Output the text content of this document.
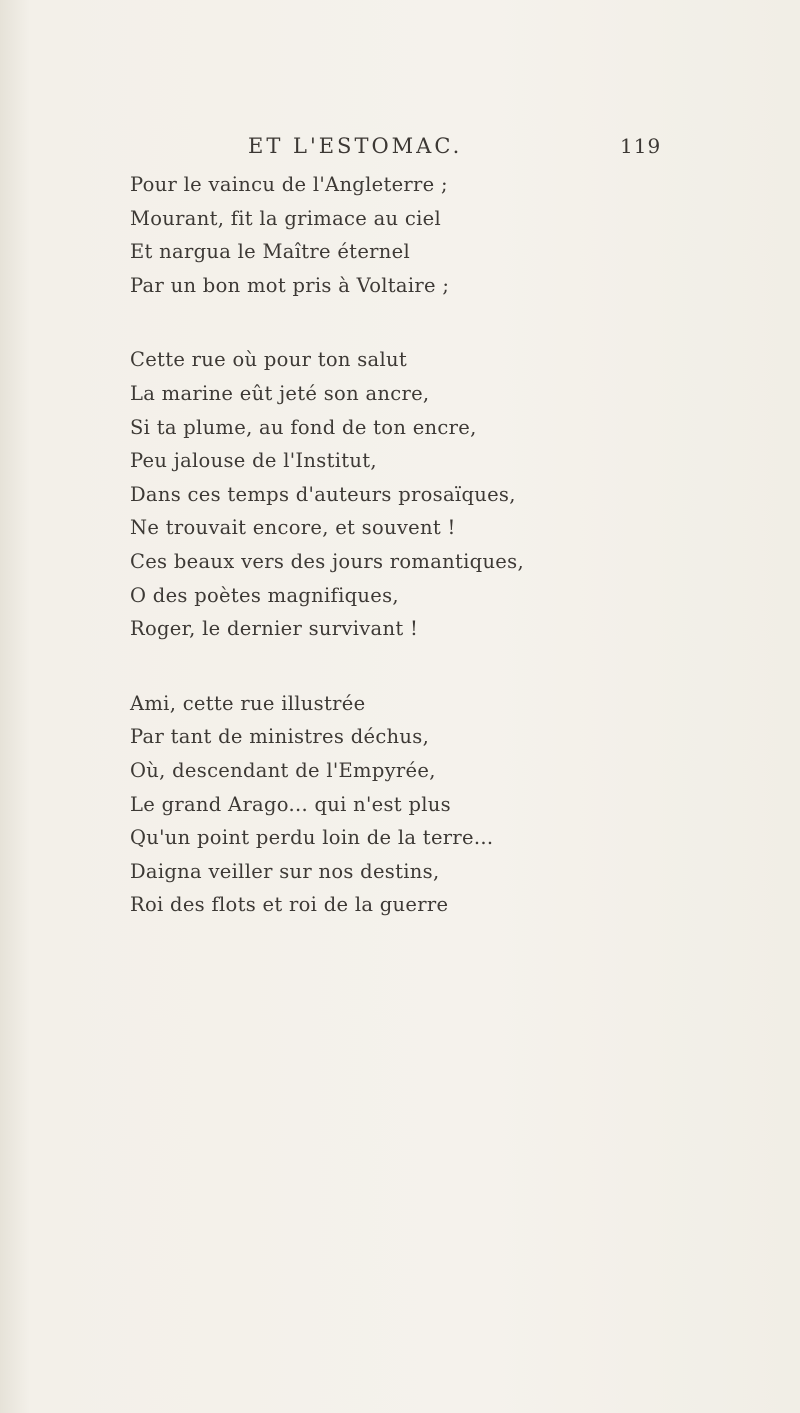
ET L'ESTOMAC.	119
Pour le vaincu de l'Angleterre ;
Mourant, fit la grimace au ciel
Et nargua le Maître éternel
Par un bon mot pris à Voltaire ;
Cette rue où pour ton salut
La marine eût jeté son ancre,
Si ta plume, au fond de ton encre,
Peu jalouse de l'Institut,
Dans ces temps d'auteurs prosaïques,
Ne trouvait encore, et souvent !
Ces beaux vers des jours romantiques,
O des poètes magnifiques,
Roger, le dernier survivant !
Ami, cette rue illustrée
Par tant de ministres déchus,
Où, descendant de l'Empyrée,
Le grand Arago... qui n'est plus
Qu'un point perdu loin de la terre...
Daigna veiller sur nos destins,
Roi des flots et roi de la guerre
